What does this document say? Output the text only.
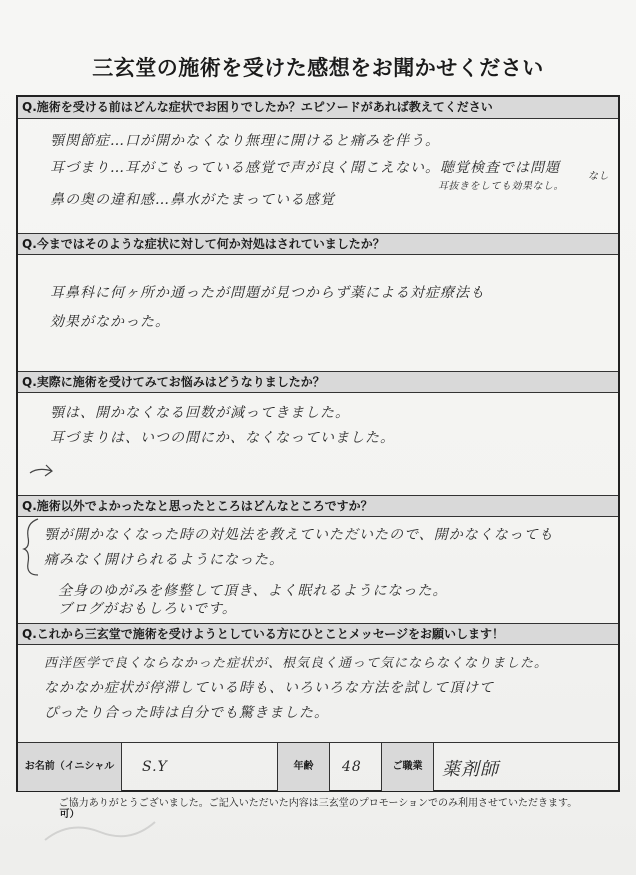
三玄堂の施術を受けた感想をお聞かせください
Q.施術を受ける前はどんな症状でお困りでしたか？エピソードがあれば教えてください
顎関節症…口が開かなくなり無理に開けると痛みを伴う。
耳づまり…耳がこもっている感覚で声が良く聞こえない。聴覚検査では問題
耳抜きをしても効果なし。
なし
鼻の奥の違和感…鼻水がたまっている感覚
Q.今まではそのような症状に対して何か対処はされていましたか？
耳鼻科に何ヶ所か通ったが問題が見つからず薬による対症療法も
効果がなかった。
Q.実際に施術を受けてみてお悩みはどうなりましたか？
顎は、開かなくなる回数が減ってきました。
耳づまりは、いつの間にか、なくなっていました。
Q.施術以外でよかったなと思ったところはどんなところですか？
顎が開かなくなった時の対処法を教えていただいたので、開かなくなっても
痛みなく開けられるようになった。
全身のゆがみを修整して頂き、よく眠れるようになった。
ブログがおもしろいです。
Q.これから三玄堂で施術を受けようとしている方にひとことメッセージをお願いします！
西洋医学で良くならなかった症状が、根気良く通って気にならなくなりました。
なかなか症状が停滞している時も、いろいろな方法を試して頂けて
ぴったり合った時は自分でも驚きました。
お名前（イニシャル可）
S.Y	年齢	48	ご職業	薬剤師
ご協力ありがとうございました。ご記入いただいた内容は三玄堂のプロモーションでのみ利用させていただきます。
